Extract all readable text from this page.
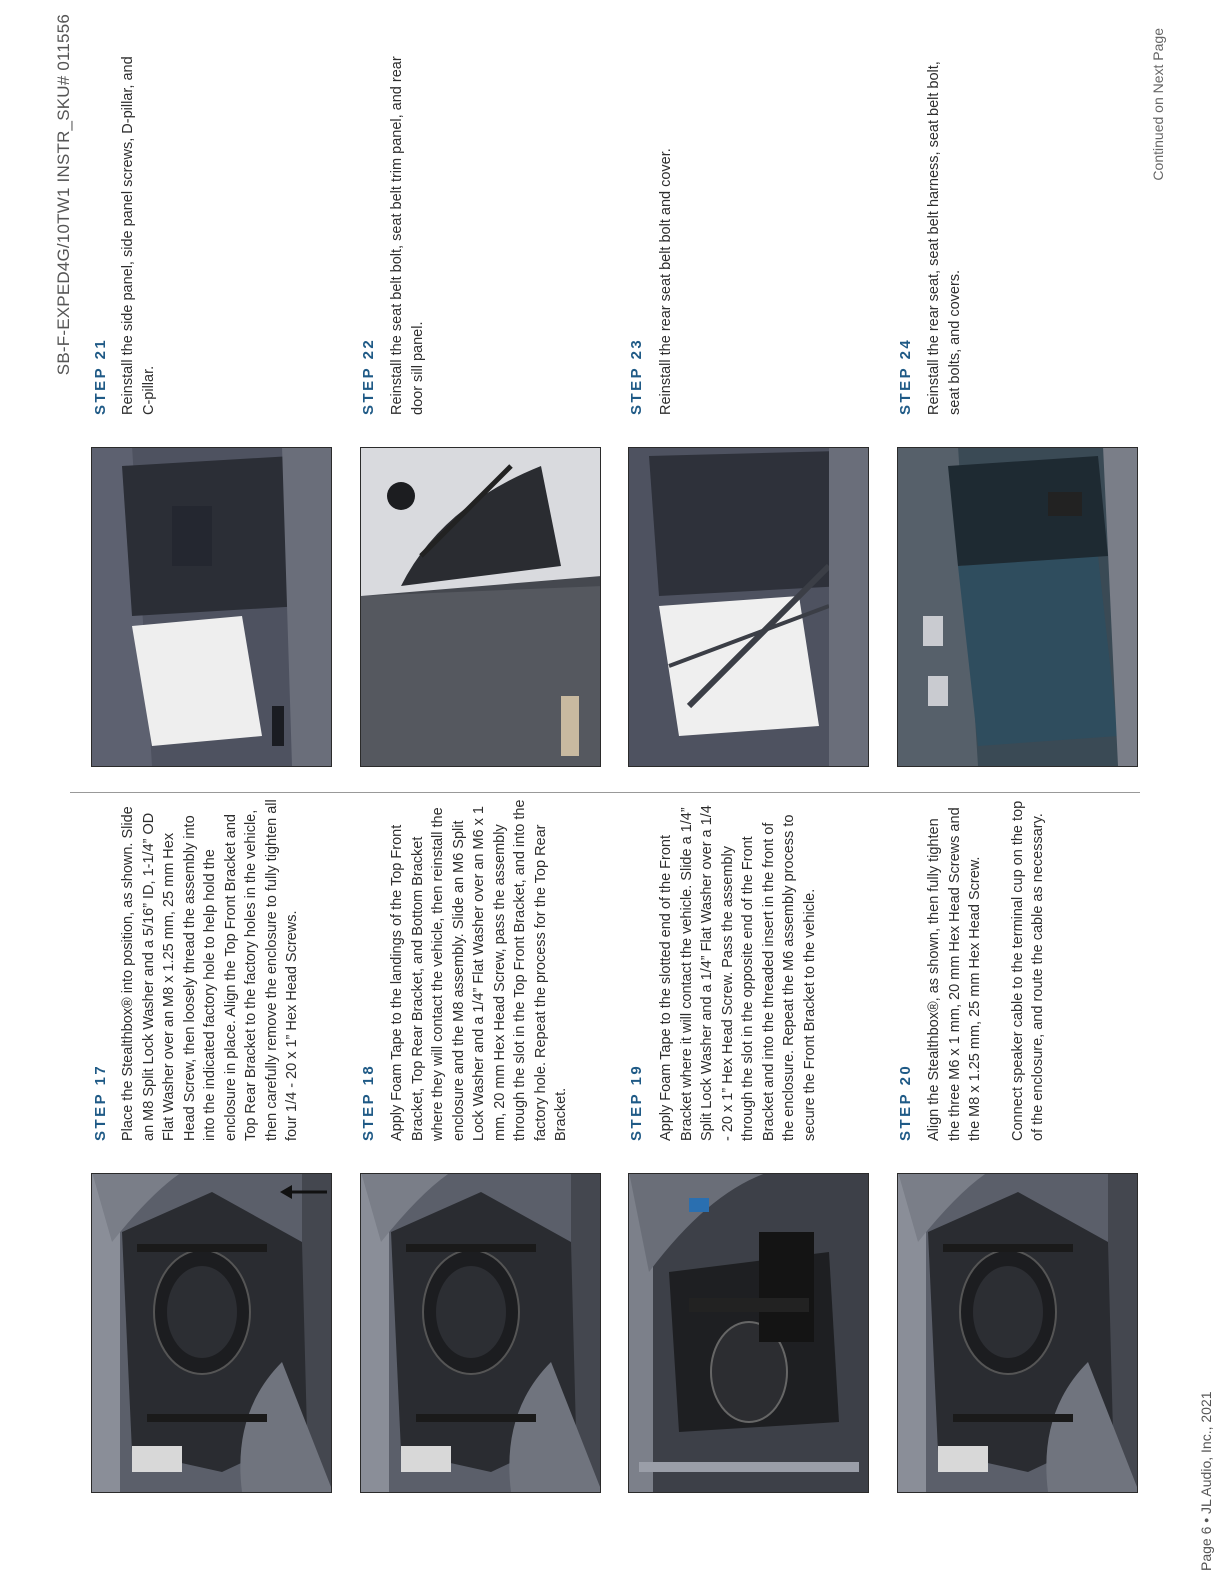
SB-F-EXPED4G/10TW1 INSTR_SKU# 011556
Page 6 • JL Audio, Inc., 2021
Continued on Next Page
STEP 17 Place the Stealthbox® into position, as shown. Slide an M8 Split Lock Washer and a 5/16” ID, 1-1/4” OD Flat Washer over an M8 x 1.25 mm, 25 mm Hex Head Screw, then loosely thread the assembly into into the indicated factory hole to help hold the enclosure in place. Align the Top Front Bracket and Top Rear Bracket to the factory holes in the vehicle, then carefully remove the enclosure to fully tighten all four 1/4 - 20 x 1” Hex Head Screws.	STEP 18 Apply Foam Tape to the landings of the Top Front Bracket, Top Rear Bracket, and Bottom Bracket where they will contact the vehicle, then reinstall the enclosure and the M8 assembly. Slide an M6 Split Lock Washer and a 1/4” Flat Washer over an M6 x 1 mm, 20 mm Hex Head Screw, pass the assembly through the slot in the Top Front Bracket, and into the factory hole. Repeat the process for the Top Rear Bracket.	STEP 19 Apply Foam Tape to the slotted end of the Front Bracket where it will contact the vehicle. Slide a 1/4” Split Lock Washer and a 1/4” Flat Washer over a 1/4 - 20 x 1” Hex Head Screw. Pass the assembly through the slot in the opposite end of the Front Bracket and into the threaded insert in the front of the enclosure. Repeat the M6 assembly process to secure the Front Bracket to the vehicle.	STEP 20 Align the Stealthbox®, as shown, then fully tighten the three M6 x 1 mm, 20 mm Hex Head Screws and the M8 x 1.25 mm, 25 mm Hex Head Screw. Connect speaker cable to the terminal cup on the top of the enclosure, and route the cable as necessary.

STEP 21 Reinstall the side panel, side panel screws, D-pillar, and C-pillar.	STEP 22 Reinstall the seat belt bolt, seat belt trim panel, and rear door sill panel.	STEP 23 Reinstall the rear seat belt bolt and cover.	STEP 24 Reinstall the rear seat, seat belt harness, seat belt bolt, seat bolts, and covers.
